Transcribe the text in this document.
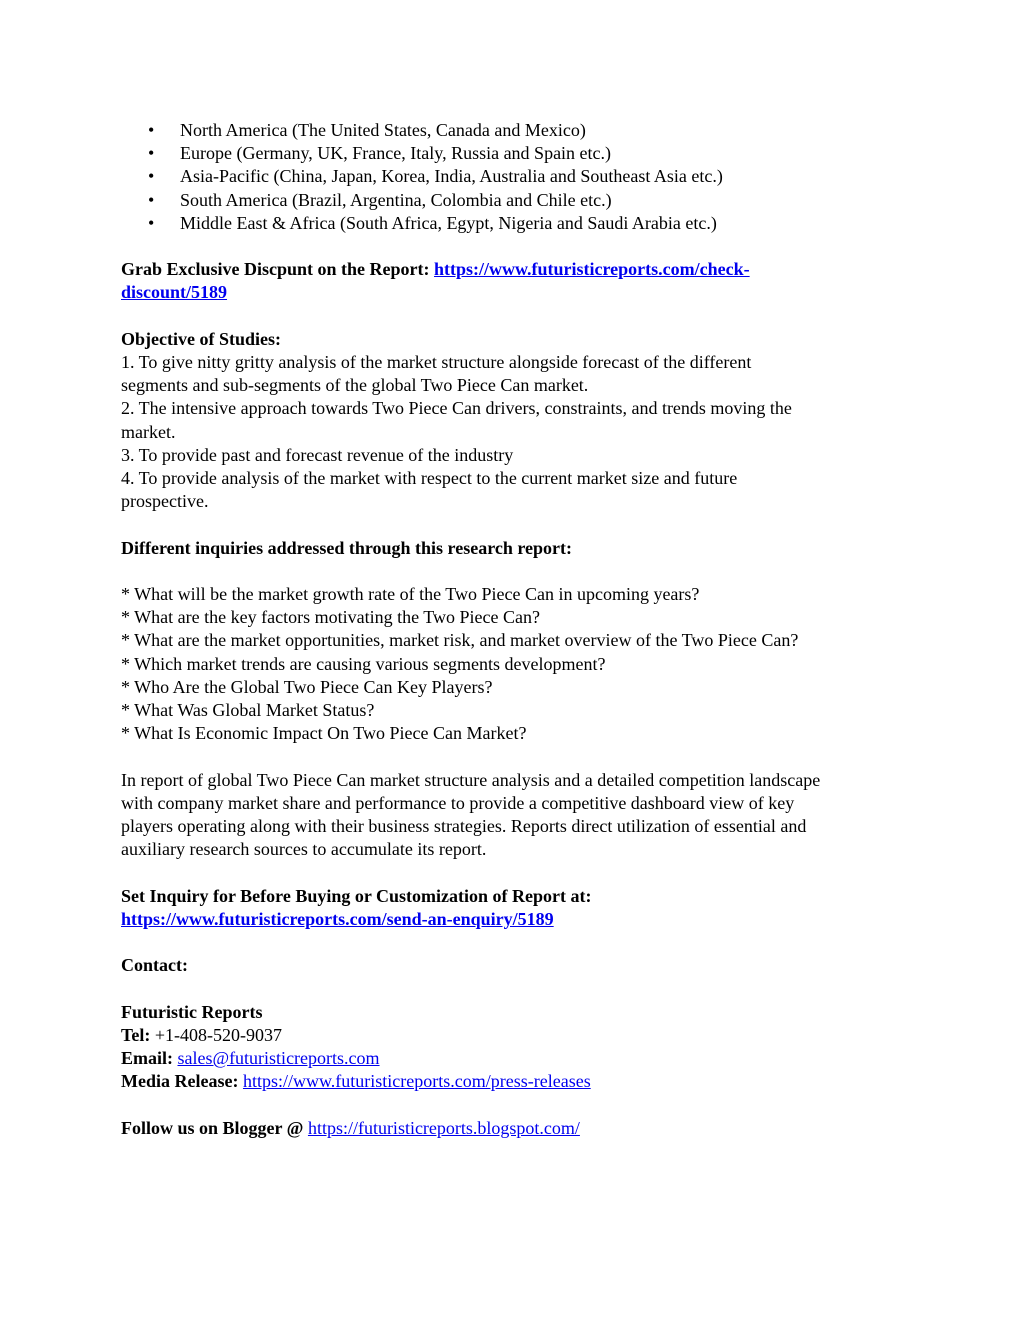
• North America (The United States, Canada and Mexico)
• Europe (Germany, UK, France, Italy, Russia and Spain etc.)
• Asia-Pacific (China, Japan, Korea, India, Australia and Southeast Asia etc.)
• South America (Brazil, Argentina, Colombia and Chile etc.)
• Middle East & Africa (South Africa, Egypt, Nigeria and Saudi Arabia etc.)

Grab Exclusive Discpunt on the Report: https://www.futuristicreports.com/check-

discount/5189

Objective of Studies:

1. To give nitty gritty analysis of the market structure alongside forecast of the different

segments and sub-segments of the global Two Piece Can market.

2. The intensive approach towards Two Piece Can drivers, constraints, and trends moving the

market.

3. To provide past and forecast revenue of the industry

4. To provide analysis of the market with respect to the current market size and future

prospective.

Different inquiries addressed through this research report:

* What will be the market growth rate of the Two Piece Can in upcoming years?

* What are the key factors motivating the Two Piece Can?

* What are the market opportunities, market risk, and market overview of the Two Piece Can?

* Which market trends are causing various segments development?

* Who Are the Global Two Piece Can Key Players?

* What Was Global Market Status?

* What Is Economic Impact On Two Piece Can Market?

In report of global Two Piece Can market structure analysis and a detailed competition landscape

with company market share and performance to provide a competitive dashboard view of key

players operating along with their business strategies. Reports direct utilization of essential and

auxiliary research sources to accumulate its report.

Set Inquiry for Before Buying or Customization of Report at:

https://www.futuristicreports.com/send-an-enquiry/5189

Contact:

Futuristic Reports

Tel: +1-408-520-9037

Email: sales@futuristicreports.com

Media Release: https://www.futuristicreports.com/press-releases

Follow us on Blogger @ https://futuristicreports.blogspot.com/
